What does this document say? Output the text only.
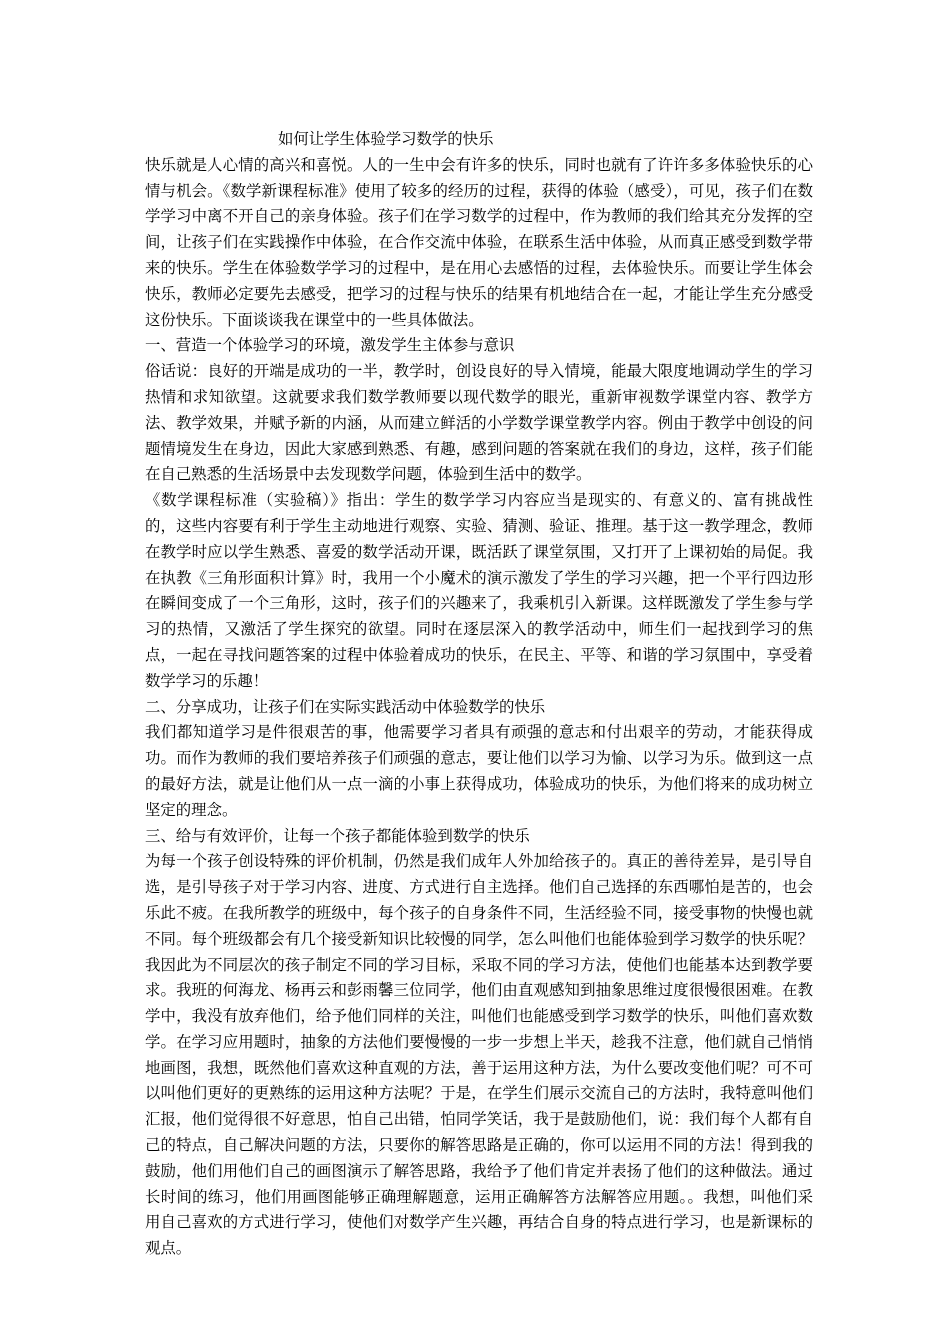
如何让学生体验学习数学的快乐

快乐就是人心情的高兴和喜悦。人的一生中会有许多的快乐，同时也就有了许许多多体验快乐的心情与机会。《数学新课程标准》使用了较多的经历的过程，获得的体验（感受），可见，孩子们在数学学习中离不开自己的亲身体验。孩子们在学习数学的过程中，作为教师的我们给其充分发挥的空间，让孩子们在实践操作中体验，在合作交流中体验，在联系生活中体验，从而真正感受到数学带来的快乐。学生在体验数学学习的过程中，是在用心去感悟的过程，去体验快乐。而要让学生体会快乐，教师必定要先去感受，把学习的过程与快乐的结果有机地结合在一起，才能让学生充分感受这份快乐。下面谈谈我在课堂中的一些具体做法。

一、营造一个体验学习的环境，激发学生主体参与意识

俗话说：良好的开端是成功的一半，教学时，创设良好的导入情境，能最大限度地调动学生的学习热情和求知欲望。这就要求我们数学教师要以现代数学的眼光，重新审视数学课堂内容、教学方法、教学效果，并赋予新的内涵，从而建立鲜活的小学数学课堂教学内容。例由于教学中创设的问题情境发生在身边，因此大家感到熟悉、有趣，感到问题的答案就在我们的身边，这样，孩子们能在自己熟悉的生活场景中去发现数学问题，体验到生活中的数学。

《数学课程标准（实验稿）》指出：学生的数学学习内容应当是现实的、有意义的、富有挑战性的，这些内容要有利于学生主动地进行观察、实验、猜测、验证、推理。基于这一教学理念，教师在教学时应以学生熟悉、喜爱的数学活动开课，既活跃了课堂氛围，又打开了上课初始的局促。我在执教《三角形面积计算》时，我用一个小魔术的演示激发了学生的学习兴趣，把一个平行四边形在瞬间变成了一个三角形，这时，孩子们的兴趣来了，我乘机引入新课。这样既激发了学生参与学习的热情，又激活了学生探究的欲望。同时在逐层深入的教学活动中，师生们一起找到学习的焦点，一起在寻找问题答案的过程中体验着成功的快乐，在民主、平等、和谐的学习氛围中，享受着数学学习的乐趣！

二、分享成功，让孩子们在实际实践活动中体验数学的快乐

我们都知道学习是件很艰苦的事，他需要学习者具有顽强的意志和付出艰辛的劳动，才能获得成功。而作为教师的我们要培养孩子们顽强的意志，要让他们以学习为愉、以学习为乐。做到这一点的最好方法，就是让他们从一点一滴的小事上获得成功，体验成功的快乐，为他们将来的成功树立坚定的理念。

三、给与有效评价，让每一个孩子都能体验到数学的快乐

为每一个孩子创设特殊的评价机制，仍然是我们成年人外加给孩子的。真正的善待差异，是引导自选，是引导孩子对于学习内容、进度、方式进行自主选择。他们自己选择的东西哪怕是苦的，也会乐此不疲。在我所教学的班级中，每个孩子的自身条件不同，生活经验不同，接受事物的快慢也就不同。每个班级都会有几个接受新知识比较慢的同学，怎么叫他们也能体验到学习数学的快乐呢？我因此为不同层次的孩子制定不同的学习目标，采取不同的学习方法，使他们也能基本达到教学要求。我班的何海龙、杨再云和彭雨馨三位同学，他们由直观感知到抽象思维过度很慢很困难。在教学中，我没有放弃他们，给予他们同样的关注，叫他们也能感受到学习数学的快乐，叫他们喜欢数学。在学习应用题时，抽象的方法他们要慢慢的一步一步想上半天，趁我不注意，他们就自己悄悄地画图，我想，既然他们喜欢这种直观的方法，善于运用这种方法，为什么要改变他们呢？可不可以叫他们更好的更熟练的运用这种方法呢？于是，在学生们展示交流自己的方法时，我特意叫他们汇报，他们觉得很不好意思，怕自己出错，怕同学笑话，我于是鼓励他们，说：我们每个人都有自己的特点，自己解决问题的方法，只要你的解答思路是正确的，你可以运用不同的方法！得到我的鼓励，他们用他们自己的画图演示了解答思路，我给予了他们肯定并表扬了他们的这种做法。通过长时间的练习，他们用画图能够正确理解题意，运用正确解答方法解答应用题。。我想，叫他们采用自己喜欢的方式进行学习，使他们对数学产生兴趣，再结合自身的特点进行学习，也是新课标的观点。
